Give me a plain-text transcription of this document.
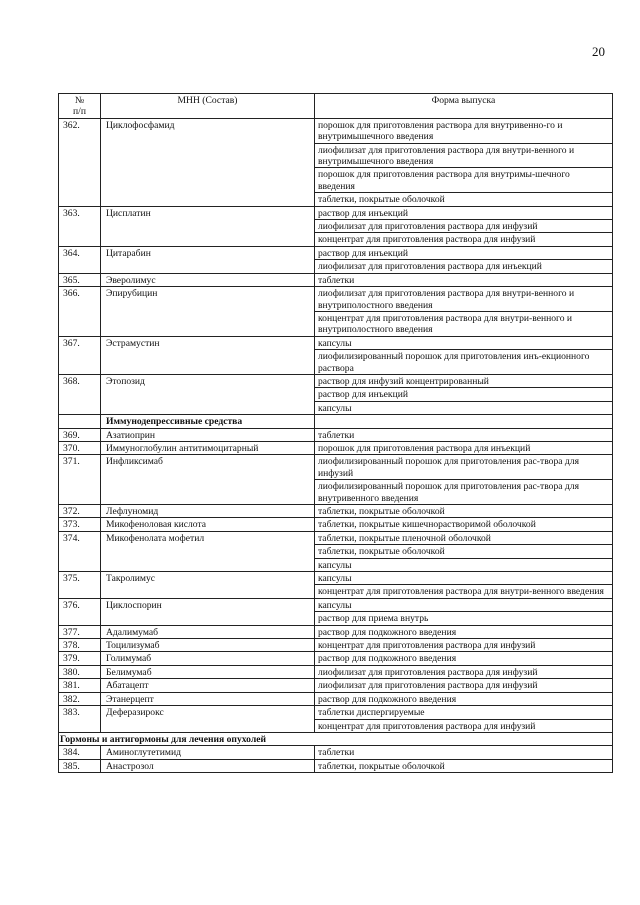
20
№
п/п	МНН (Состав)	Форма выпуска
362.	Циклофосфамид	порошок для приготовления раствора для внутривенно-го и внутримышечного введения
		лиофилизат для приготовления раствора для внутри-венного и внутримышечного введения
		порошок для приготовления раствора для внутримы-шечного введения
		таблетки, покрытые оболочкой
363.	Цисплатин	раствор для инъекций
		лиофилизат для приготовления раствора для инфузий
		концентрат для приготовления раствора для инфузий
364.	Цитарабин	раствор для инъекций
		лиофилизат для приготовления раствора для инъекций
365.	Эверолимус	таблетки
366.	Эпирубицин	лиофилизат для приготовления раствора для внутри-венного и внутриполостного введения
		концентрат для приготовления раствора для внутри-венного и внутриполостного введения
367.	Эстрамустин	капсулы
		лиофилизированный порошок для приготовления инъ-екционного раствора
368.	Этопозид	раствор для инфузий концентрированный
		раствор для инъекций
		капсулы
	Иммунодепрессивные средства	
369.	Азатиоприн	таблетки
370.	Иммуноглобулин антитимоцитарный	порошок для приготовления раствора для инъекций
371.	Инфликсимаб	лиофилизированный порошок для приготовления рас-твора для инфузий
		лиофилизированный порошок для приготовления рас-твора для внутривенного введения
372.	Лефлуномид	таблетки, покрытые оболочкой
373.	Микофеноловая кислота	таблетки, покрытые кишечнорастворимой оболочкой
374.	Микофенолата мофетил	таблетки, покрытые пленочной оболочкой
		таблетки, покрытые оболочкой
		капсулы
375.	Такролимус	капсулы
		концентрат для приготовления раствора для внутри-венного введения
376.	Циклоспорин	капсулы
		раствор для приема внутрь
377.	Адалимумаб	раствор для подкожного введения
378.	Тоцилизумаб	концентрат для приготовления раствора для инфузий
379.	Голимумаб	раствор для подкожного введения
380.	Белимумаб	лиофилизат для приготовления раствора для инфузий
381.	Абатацепт	лиофилизат для приготовления раствора для инфузий
382.	Этанерцепт	раствор для подкожного введения
383.	Деферазирокс	таблетки диспергируемые
		концентрат для приготовления раствора для инфузий
Гормоны и антигормоны для лечения опухолей		
384.	Аминоглутетимид	таблетки
385.	Анастрозол	таблетки, покрытые оболочкой
